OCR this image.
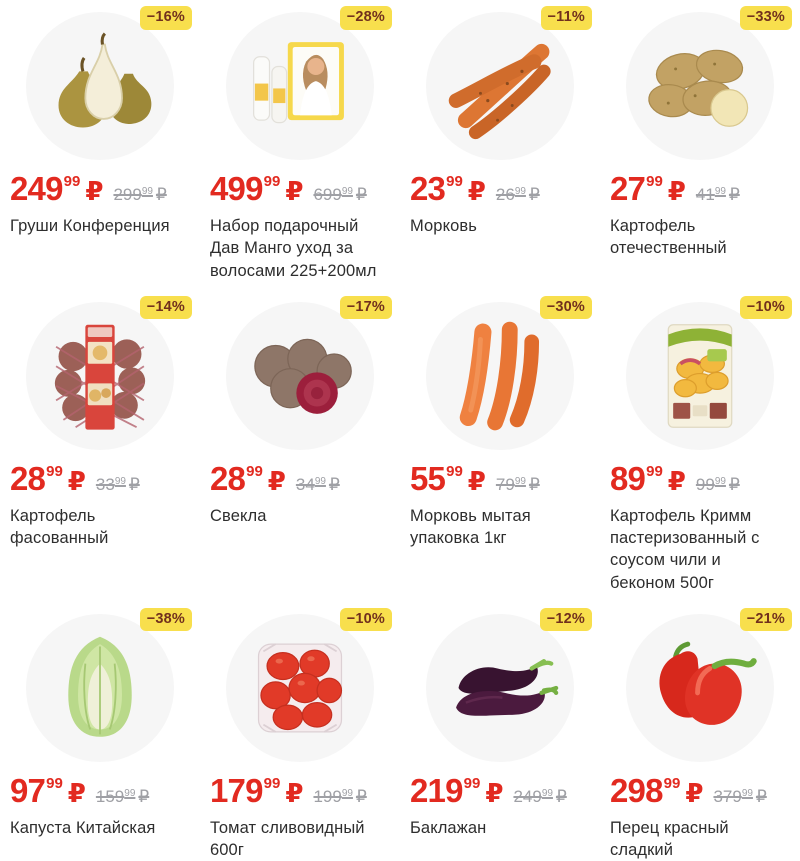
−16%
$249^{99}$ ₽ $299^{99}$ ₽
Груши Конференция
−28%
$499^{99}$ ₽ $699^{99}$ ₽
Набор подарочный Дав Манго уход за волосами 225+200мл
−11%
$23^{99}$ ₽ $26^{99}$ ₽
Морковь
−33%
$27^{99}$ ₽ $41^{99}$ ₽
Картофель отечественный
−14%
$28^{99}$ ₽ $33^{99}$ ₽
Картофель фасованный
−17%
$28^{99}$ ₽ $34^{99}$ ₽
Свекла
−30%
$55^{99}$ ₽ $79^{99}$ ₽
Морковь мытая упаковка 1кг
−10%
$89^{99}$ ₽ $99^{99}$ ₽
Картофель Кримм пастеризованный с соусом чили и беконом 500г
−38%
$97^{99}$ ₽ $159^{99}$ ₽
Капуста Китайская
−10%
$179^{99}$ ₽ $199^{99}$ ₽
Томат сливовидный 600г
−12%
$219^{99}$ ₽ $249^{99}$ ₽
Баклажан
−21%
$298^{99}$ ₽ $379^{99}$ ₽
Перец красный сладкий
